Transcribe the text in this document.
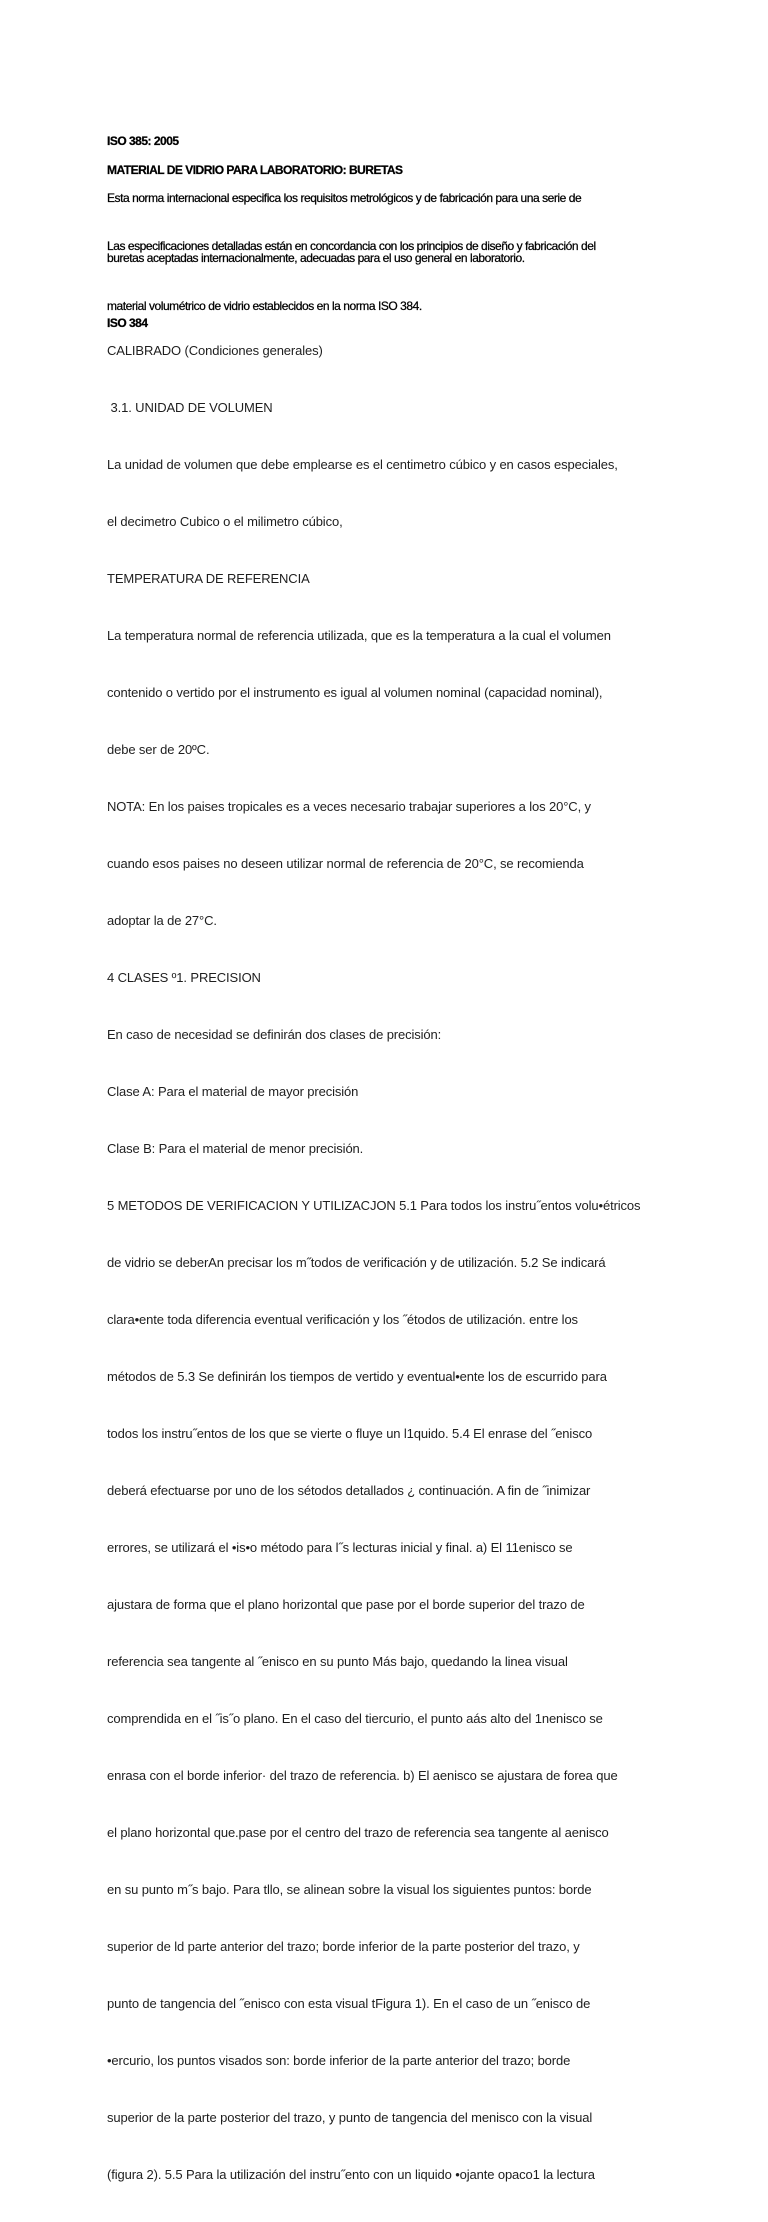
ISO 385: 2005

MATERIAL DE VIDRIO PARA LABORATORIO: BURETAS

Esta norma internacional especifica los requisitos metrológicos y de fabricación para una serie de

buretas aceptadas internacionalmente, adecuadas para el uso general en laboratorio.

Las especificaciones detalladas están en concordancia con los principios de diseño y fabricación del

material volumétrico de vidrio establecidos en la norma ISO 384.

ISO 384

CALIBRADO (Condiciones generales)

3.1. UNIDAD DE VOLUMEN

La unidad de volumen que debe emplearse es el centimetro cúbico y en casos especiales,

el decimetro Cubico o el milimetro cúbico,

TEMPERATURA DE REFERENCIA

La temperatura normal de referencia utilizada, que es la temperatura a la cual el volumen

contenido o vertido por el instrumento es igual al volumen nominal (capacidad nominal),

debe ser de 20ºC.

NOTA: En los paises tropicales es a veces necesario trabajar superiores a los 20°C, y

cuando esos paises no deseen utilizar normal de referencia de 20°C, se recomienda

adoptar la de 27°C.

4 CLASES º1. PRECISION

En caso de necesidad se definirán dos clases de precisión:

Clase A: Para el material de mayor precisión

Clase B: Para el material de menor precisión.

5 METODOS DE VERIFICACION Y UTILIZACJON 5.1 Para todos los instru˝entos volu•étricos

de vidrio se deberAn precisar los m˝todos de verificación y de utilización. 5.2 Se indicará

clara•ente toda diferencia eventual verificación y los ˝étodos de utilización. entre los

métodos de 5.3 Se definirán los tiempos de vertido y eventual•ente los de escurrido para

todos los instru˝entos de los que se vierte o fluye un l1quido. 5.4 El enrase del ˝enisco

deberá efectuarse por uno de los sétodos detallados ¿ continuación. A fin de ˝inimizar

errores, se utilizará el •is•o método para l˝s lecturas inicial y final. a) El 11enisco se

ajustara de forma que el plano horizontal que pase por el borde superior del trazo de

referencia sea tangente al ˝enisco en su punto Más bajo, quedando la linea visual

comprendida en el ˝is˝o plano. En el caso del tiercurio, el punto aás alto del 1nenisco se

enrasa con el borde inferior· del trazo de referencia. b) El aenisco se ajustara de forea que

el plano horizontal que.pase por el centro del trazo de referencia sea tangente al aenisco

en su punto m˝s bajo. Para tllo, se alinean sobre la visual los siguientes puntos: borde

superior de ld parte anterior del trazo; borde inferior de la parte posterior del trazo, y

punto de tangencia del ˝enisco con esta visual tFigura 1). En el caso de un ˝enisco de

•ercurio, los puntos visados son: borde inferior de la parte anterior del trazo; borde

superior de la parte posterior del trazo, y punto de tangencia del menisco con la visual

(figura 2). 5.5 Para la utilización del instru˝ento con un liquido •ojante opaco1 la lectura
